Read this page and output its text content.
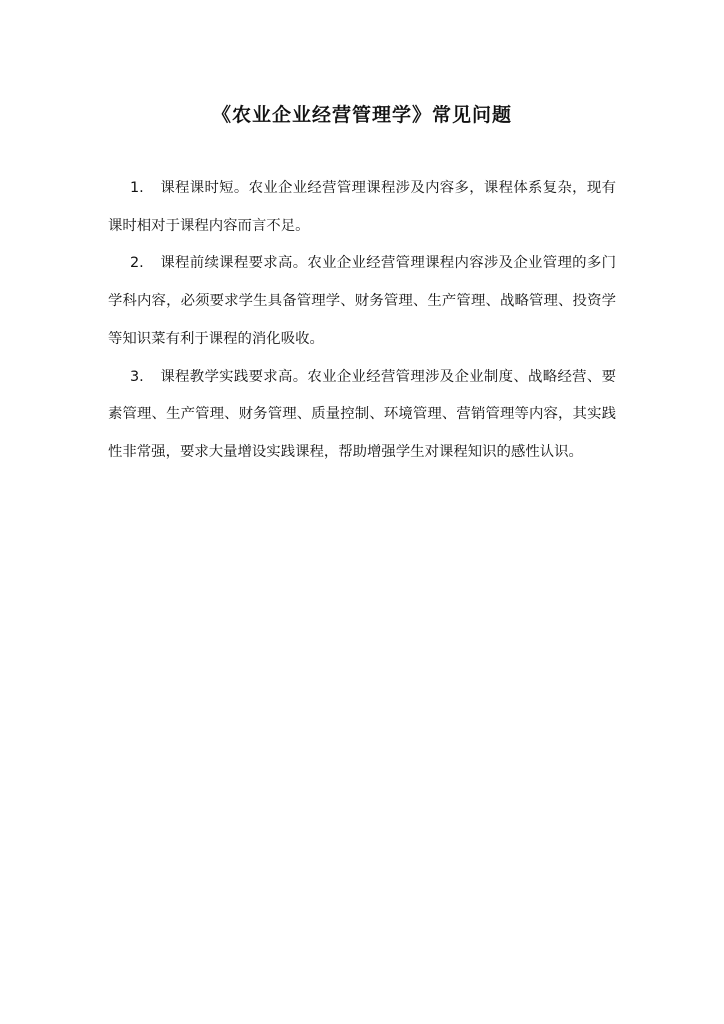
《农业企业经营管理学》常见问题

1. 课程课时短。农业企业经营管理课程涉及内容多，课程体系复杂，现有课时相对于课程内容而言不足。

2. 课程前续课程要求高。农业企业经营管理课程内容涉及企业管理的多门学科内容，必须要求学生具备管理学、财务管理、生产管理、战略管理、投资学等知识菜有利于课程的消化吸收。

3. 课程教学实践要求高。农业企业经营管理涉及企业制度、战略经营、要素管理、生产管理、财务管理、质量控制、环境管理、营销管理等内容，其实践性非常强，要求大量增设实践课程，帮助增强学生对课程知识的感性认识。
